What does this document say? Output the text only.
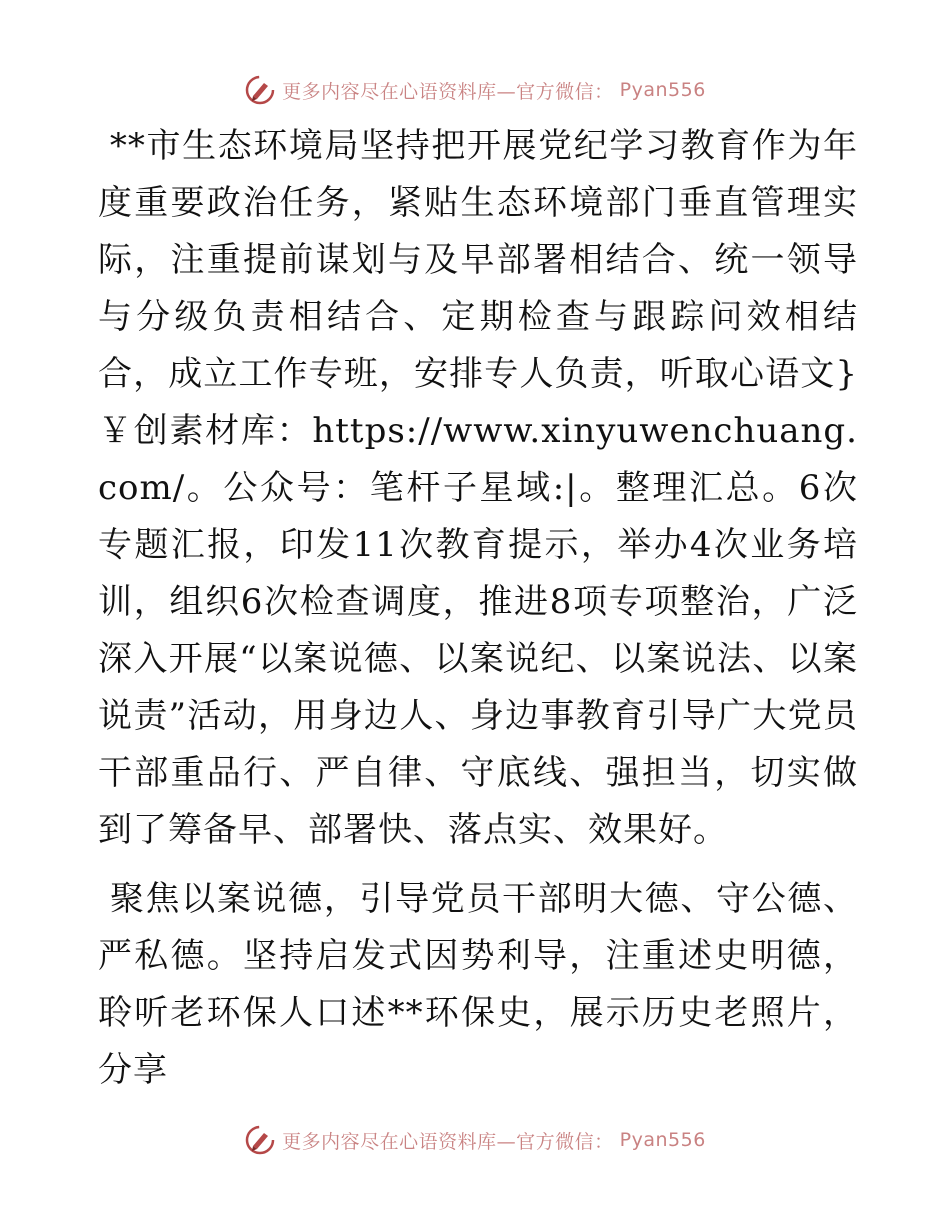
更多内容尽在心语资料库—官方微信： Pyan556

**市生态环境局坚持把开展党纪学习教育作为年度重要政治任务，紧贴生态环境部门垂直管理实际，注重提前谋划与及早部署相结合、统一领导与分级负责相结合、定期检查与跟踪问效相结合，成立工作专班，安排专人负责，听取心语文}￥创素材库：https://www.xinyuwenchuang.com/。公众号：笔杆子星域:|。整理汇总。6次专题汇报，印发11次教育提示，举办4次业务培训，组织6次检查调度，推进8项专项整治，广泛深入开展“以案说德、以案说纪、以案说法、以案说责”活动，用身边人、身边事教育引导广大党员干部重品行、严自律、守底线、强担当，切实做到了筹备早、部署快、落点实、效果好。

聚焦以案说德，引导党员干部明大德、守公德、严私德。坚持启发式因势利导，注重述史明德，聆听老环保人口述**环保史，展示历史老照片，分享

更多内容尽在心语资料库—官方微信： Pyan556
